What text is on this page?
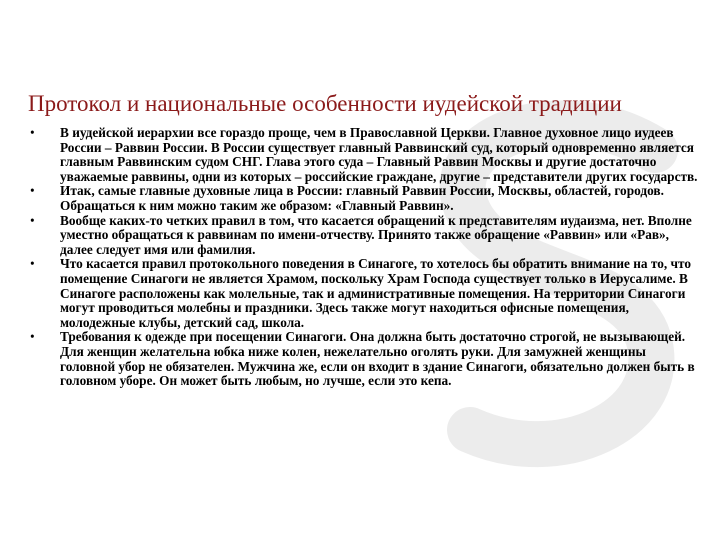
Протокол и национальные особенности иудейской традиции
•	В иудейской иерархии все гораздо проще, чем в Православной Церкви. Главное духовное лицо иудеев России – Раввин России. В России существует главный Раввинский суд, который одновременно является главным Раввинским судом СНГ. Глава этого суда – Главный Раввин Москвы и другие достаточно уважаемые раввины, одни из которых – российские граждане, другие – представители других государств.
•	Итак, самые главные духовные лица в России: главный Раввин России, Москвы, областей, городов. Обращаться к ним можно таким же образом: «Главный Раввин».
•	Вообще каких-то четких правил в том, что касается обращений к представителям иудаизма, нет. Вполне уместно обращаться к раввинам по имени-отчеству. Принято также обращение «Раввин» или «Рав», далее следует имя или фамилия.
•	Что касается правил протокольного поведения в Синагоге, то хотелось бы обратить внимание на то, что помещение Синагоги не является Храмом, поскольку Храм Господа существует только в Иерусалиме. В Синагоге расположены как молельные, так и административные помещения. На территории Синагоги могут проводиться молебны и праздники. Здесь также могут находиться офисные помещения, молодежные клубы, детский сад, школа.
•	Требования к одежде при посещении Синагоги. Она должна быть достаточно строгой, не вызывающей. Для женщин желательна юбка ниже колен, нежелательно оголять руки. Для замужней женщины головной убор не обязателен. Мужчина же, если он входит в здание Синагоги, обязательно должен быть в головном уборе. Он может быть любым, но лучше, если это кепа.
